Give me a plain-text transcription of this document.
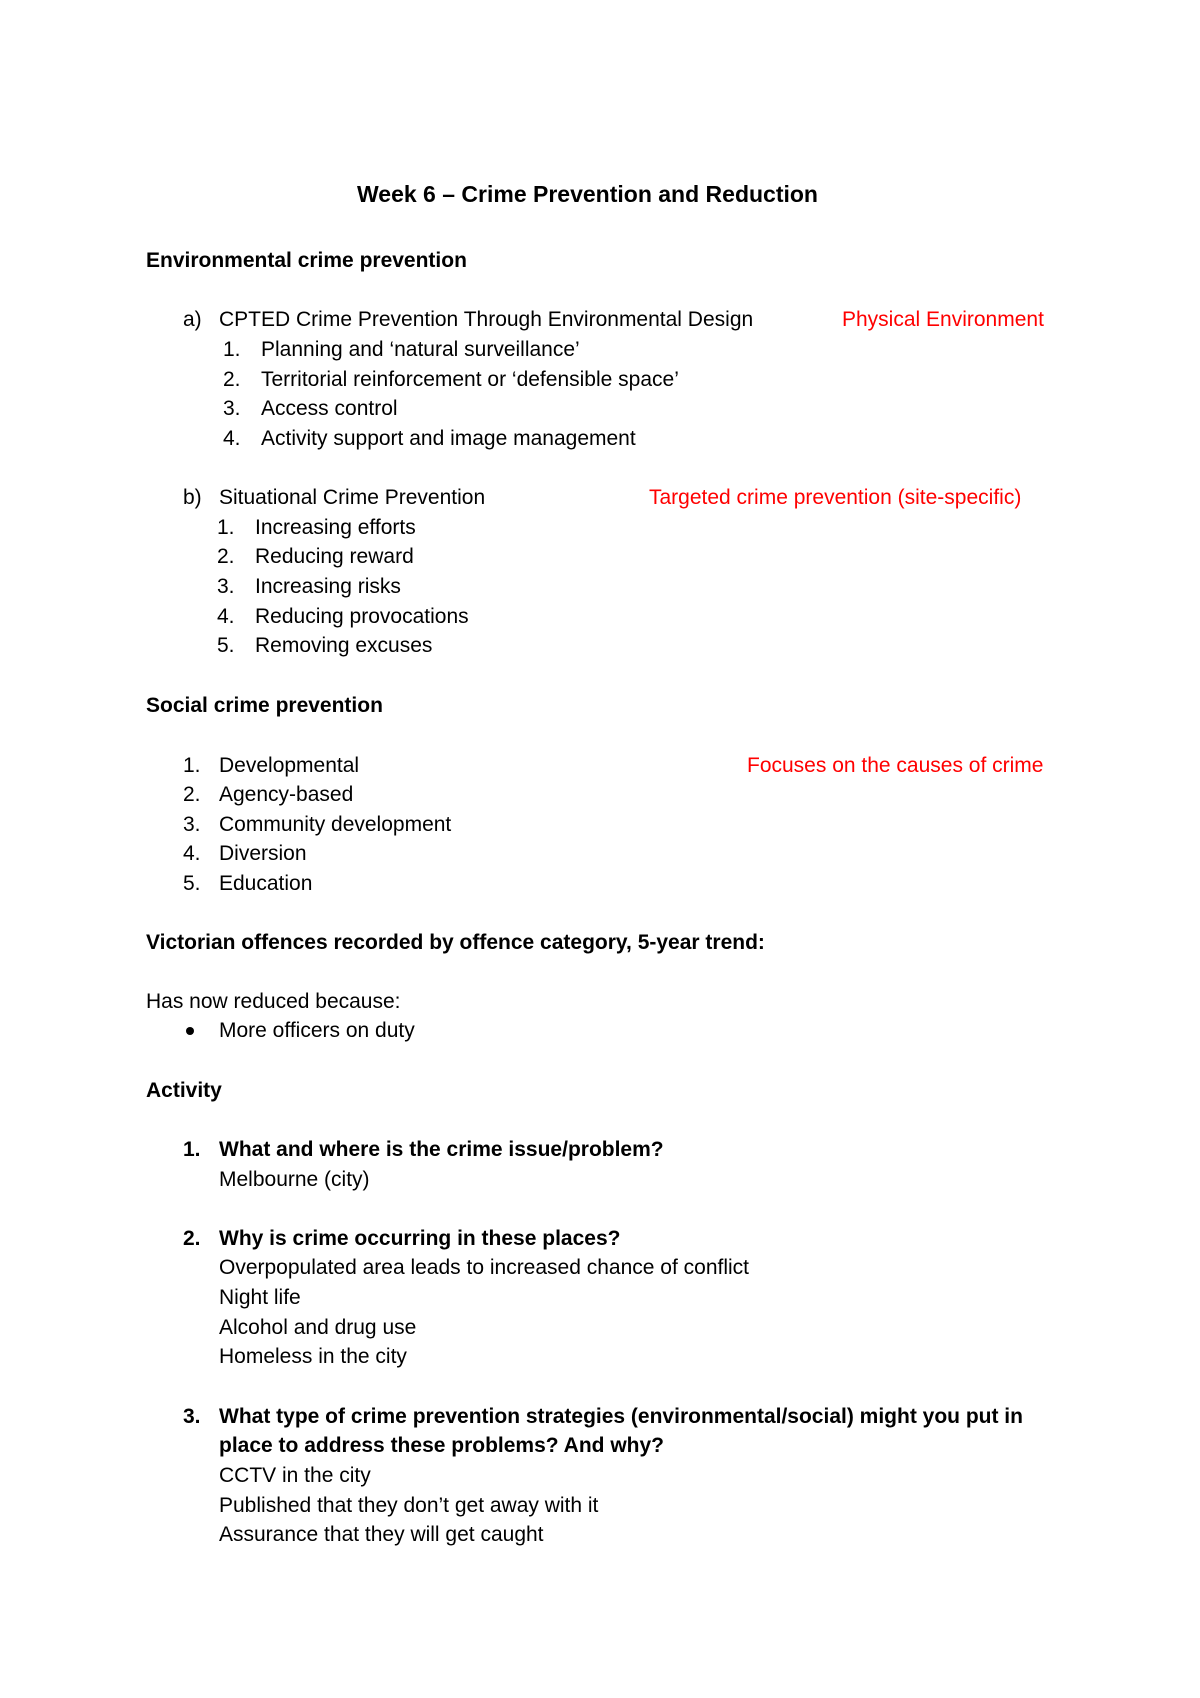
Week 6 – Crime Prevention and Reduction
Environmental crime prevention
a) CPTED Crime Prevention Through Environmental Design	Physical Environment
1. Planning and ‘natural surveillance’
2. Territorial reinforcement or ‘defensible space’
3. Access control
4. Activity support and image management
b) Situational Crime Prevention	Targeted crime prevention (site-specific)
1. Increasing efforts
2. Reducing reward
3. Increasing risks
4. Reducing provocations
5. Removing excuses
Social crime prevention
Focuses on the causes of crime
1. Developmental
2. Agency-based
3. Community development
4. Diversion
5. Education
Victorian offences recorded by offence category, 5-year trend:
Has now reduced because:
More officers on duty
Activity
1. What and where is the crime issue/problem?
Melbourne (city)
2. Why is crime occurring in these places?
Overpopulated area leads to increased chance of conflict
Night life
Alcohol and drug use
Homeless in the city
3. What type of crime prevention strategies (environmental/social) might you put in
place to address these problems? And why?
CCTV in the city
Published that they don’t get away with it
Assurance that they will get caught
